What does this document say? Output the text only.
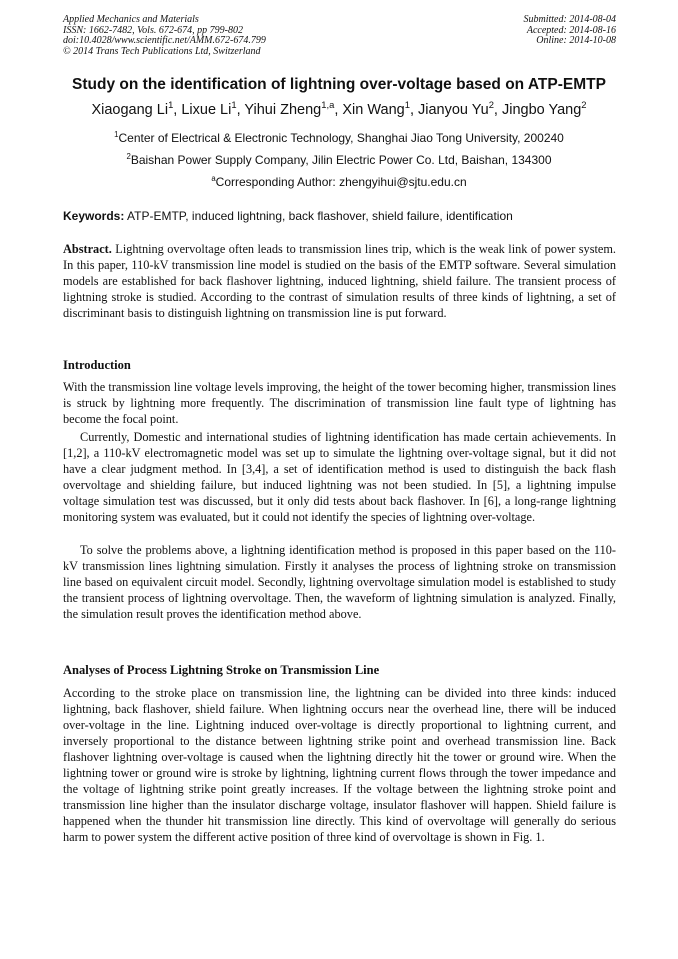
Applied Mechanics and Materials
ISSN: 1662-7482, Vols. 672-674, pp 799-802
doi:10.4028/www.scientific.net/AMM.672-674.799
© 2014 Trans Tech Publications Ltd, Switzerland
Submitted: 2014-08-04
Accepted: 2014-08-16
Online: 2014-10-08
Study on the identification of lightning over-voltage based on ATP-EMTP
Xiaogang Li$^1$, Lixue Li$^1$, Yihui Zheng$^{1,a}$, Xin Wang$^1$, Jianyou Yu$^2$, Jingbo Yang$^2$
$^1$Center of Electrical & Electronic Technology, Shanghai Jiao Tong University, 200240
$^2$Baishan Power Supply Company, Jilin Electric Power Co. Ltd, Baishan, 134300
$^a$Corresponding Author: zhengyihui@sjtu.edu.cn
Keywords: ATP-EMTP, induced lightning, back flashover, shield failure, identification

Abstract. Lightning overvoltage often leads to transmission lines trip, which is the weak link of power system. In this paper, 110-kV transmission line model is studied on the basis of the EMTP software. Several simulation models are established for back flashover lightning, induced lightning, shield failure. The transient process of lightning stroke is studied. According to the contrast of simulation results of three kinds of lightning, a set of discriminant basis to distinguish lightning on transmission line is put forward.

Introduction

With the transmission line voltage levels improving, the height of the tower becoming higher, transmission lines is struck by lightning more frequently. The discrimination of transmission line fault type of lightning has become the focal point.

Currently, Domestic and international studies of lightning identification has made certain achievements. In [1,2], a 110-kV electromagnetic model was set up to simulate the lightning over-voltage signal, but it did not have a clear judgment method. In [3,4], a set of identification method is used to distinguish the back flash overvoltage and shielding failure, but induced lightning was not been studied. In [5], a lightning impulse voltage simulation test was discussed, but it only did tests about back flashover. In [6], a long-range lightning monitoring system was evaluated, but it could not identify the species of lightning over-voltage.

To solve the problems above, a lightning identification method is proposed in this paper based on the 110-kV transmission lines lightning simulation. Firstly it analyses the process of lightning stroke on transmission line based on equivalent circuit model. Secondly, lightning overvoltage simulation model is established to study the transient process of lightning overvoltage. Then, the waveform of lightning simulation is analyzed. Finally, the simulation result proves the identification method above.

Analyses of Process Lightning Stroke on Transmission Line

According to the stroke place on transmission line, the lightning can be divided into three kinds: induced lightning, back flashover, shield failure. When lightning occurs near the overhead line, there will be induced over-voltage in the line. Lightning induced over-voltage is directly proportional to lightning current, and inversely proportional to the distance between lightning strike point and overhead transmission line. Back flashover lightning over-voltage is caused when the lightning directly hit the tower or ground wire. When the lightning tower or ground wire is stroke by lightning, lightning current flows through the tower impedance and the voltage of lightning strike point greatly increases. If the voltage between the lightning stroke point and transmission line higher than the insulator discharge voltage, insulator flashover will happen. Shield failure is happened when the thunder hit transmission line directly. This kind of overvoltage will generally do serious harm to power system the different active position of three kind of overvoltage is shown in Fig. 1.
